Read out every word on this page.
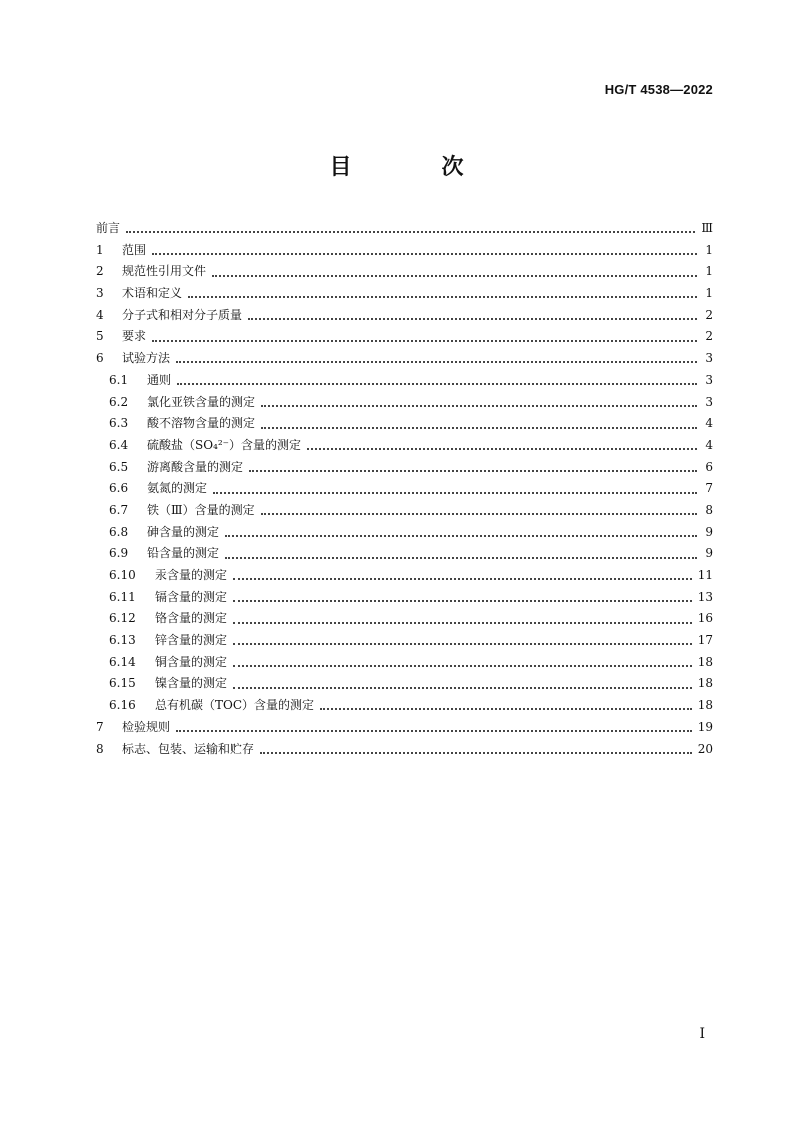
HG/T 4538—2022
目　次
前言	Ⅲ
1	范围	1
2	规范性引用文件	1
3	术语和定义	1
4	分子式和相对分子质量	2
5	要求	2
6	试验方法	3
6.1	通则	3
6.2	氯化亚铁含量的测定	3
6.3	酸不溶物含量的测定	4
6.4	硫酸盐（SO₄²⁻）含量的测定	4
6.5	游离酸含量的测定	6
6.6	氨氮的测定	7
6.7	铁（Ⅲ）含量的测定	8
6.8	砷含量的测定	9
6.9	铅含量的测定	9
6.10	汞含量的测定	11
6.11	镉含量的测定	13
6.12	铬含量的测定	16
6.13	锌含量的测定	17
6.14	铜含量的测定	18
6.15	镍含量的测定	18
6.16	总有机碳（TOC）含量的测定	18
7	检验规则	19
8	标志、包装、运输和贮存	20
I
